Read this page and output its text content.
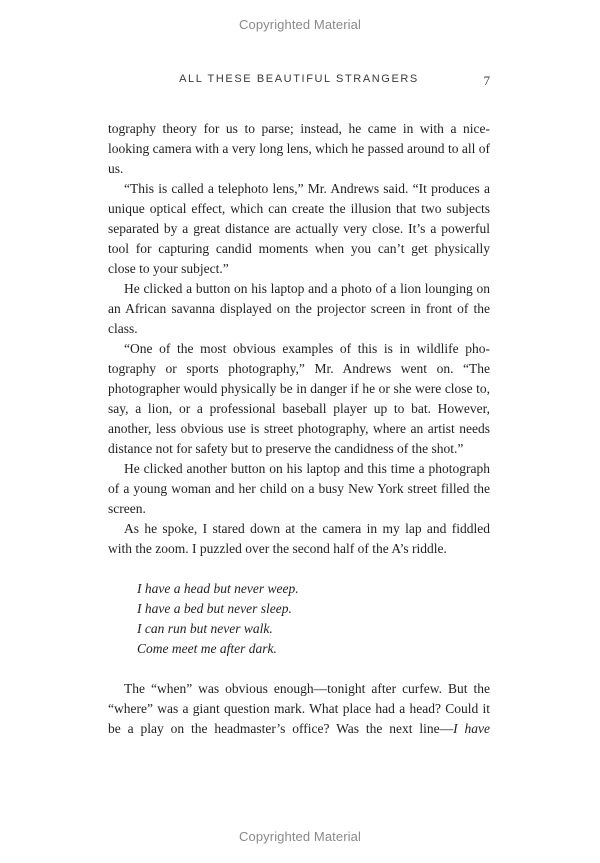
Copyrighted Material
ALL THESE BEAUTIFUL STRANGERS	7

tography theory for us to parse; instead, he came in with a nice-looking camera with a very long lens, which he passed around to all of us.

“This is called a telephoto lens,” Mr. Andrews said. “It produces a unique optical effect, which can create the illusion that two subjects separated by a great distance are actually very close. It’s a powerful tool for capturing candid moments when you can’t get physically close to your subject.”

He clicked a button on his laptop and a photo of a lion lounging on an African savanna displayed on the projector screen in front of the class.

“One of the most obvious examples of this is in wildlife photography or sports photography,” Mr. Andrews went on. “The photographer would physically be in danger if he or she were close to, say, a lion, or a professional baseball player up to bat. However, another, less obvious use is street photography, where an artist needs distance not for safety but to preserve the candidness of the shot.”

He clicked another button on his laptop and this time a photograph of a young woman and her child on a busy New York street filled the screen.

As he spoke, I stared down at the camera in my lap and fiddled with the zoom. I puzzled over the second half of the A’s riddle.

I have a head but never weep.
I have a bed but never sleep.
I can run but never walk.
Come meet me after dark.

The “when” was obvious enough—tonight after curfew. But the “where” was a giant question mark. What place had a head? Could it be a play on the headmaster’s office? Was the next line—I have

Copyrighted Material
